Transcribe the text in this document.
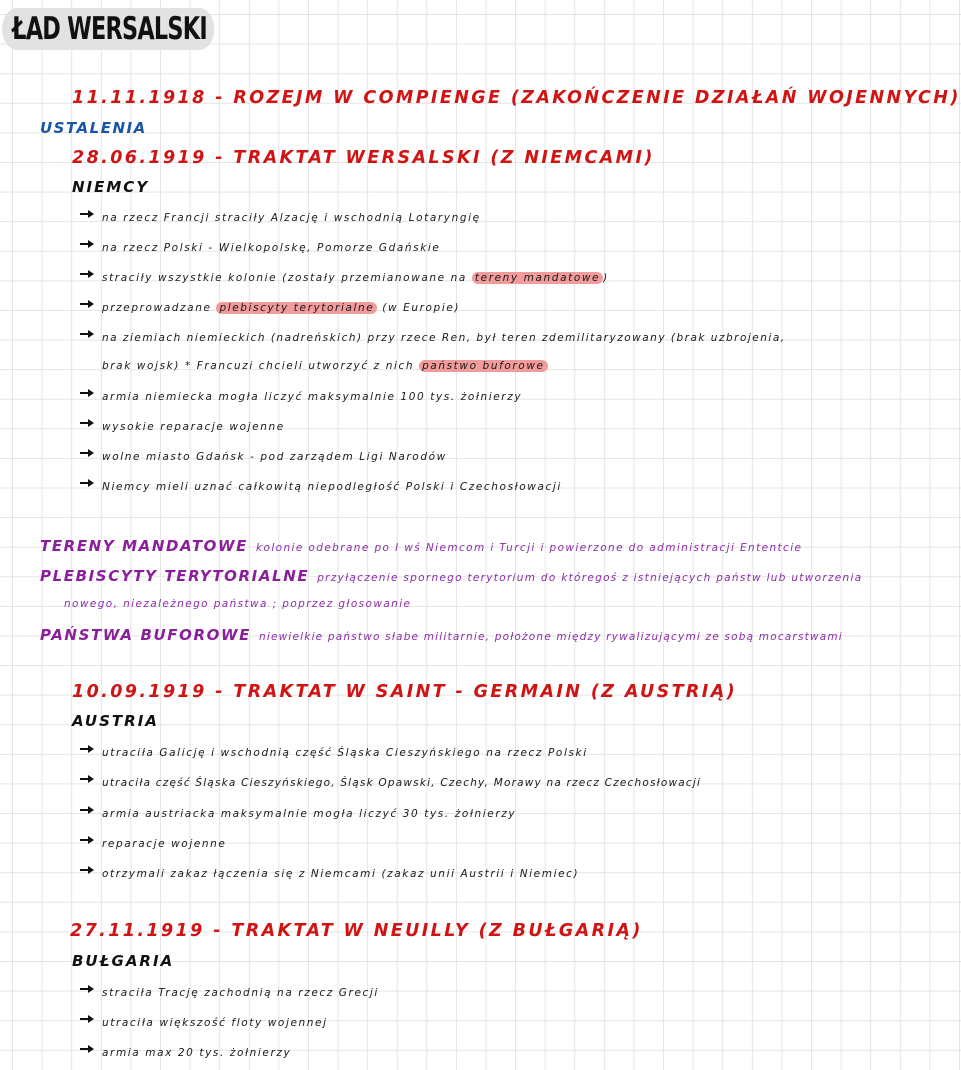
ŁAD WERSALSKI
11.11.1918 - ROZEJM W COMPIENGE (ZAKOŃCZENIE DZIAŁAŃ WOJENNYCH)
USTALENIA
28.06.1919 - TRAKTAT WERSALSKI (Z NIEMCAMI)
NIEMCY
na rzecz Francji straciły Alzację i wschodnią Lotaryngię
na rzecz Polski - Wielkopolskę, Pomorze Gdańskie
straciły wszystkie kolonie (zostały przemianowane na tereny mandatowe )
przeprowadzane plebiscyty terytorialne (w Europie)
na ziemiach niemieckich (nadreńskich) przy rzece Ren, był teren zdemilitaryzowany (brak uzbrojenia,
brak wojsk) * Francuzi chcieli utworzyć z nich państwo buforowe
armia niemiecka mogła liczyć maksymalnie 100 tys. żołnierzy
wysokie reparacje wojenne
wolne miasto Gdańsk - pod zarządem Ligi Narodów
Niemcy mieli uznać całkowitą niepodległość Polski i Czechosłowacji
TERENY MANDATOWE kolonie odebrane po I wś Niemcom i Turcji i powierzone do administracji Ententcie
PLEBISCYTY TERYTORIALNE przyłączenie spornego terytorium do któregoś z istniejących państw lub utworzenia
nowego, niezależnego państwa ; poprzez głosowanie
PAŃSTWA BUFOROWE niewielkie państwo słabe militarnie, położone między rywalizującymi ze sobą mocarstwami
10.09.1919 - TRAKTAT W SAINT - GERMAIN (Z AUSTRIĄ)
AUSTRIA
utraciła Galicję i wschodnią część Śląska Cieszyńskiego na rzecz Polski
utraciła część Śląska Cieszyńskiego, Śląsk Opawski, Czechy, Morawy na rzecz Czechosłowacji
armia austriacka maksymalnie mogła liczyć 30 tys. żołnierzy
reparacje wojenne
otrzymali zakaz łączenia się z Niemcami (zakaz unii Austrii i Niemiec)
27.11.1919 - TRAKTAT W NEUILLY (Z BUŁGARIĄ)
BUŁGARIA
straciła Trację zachodnią na rzecz Grecji
utraciła większość floty wojennej
armia max 20 tys. żołnierzy
